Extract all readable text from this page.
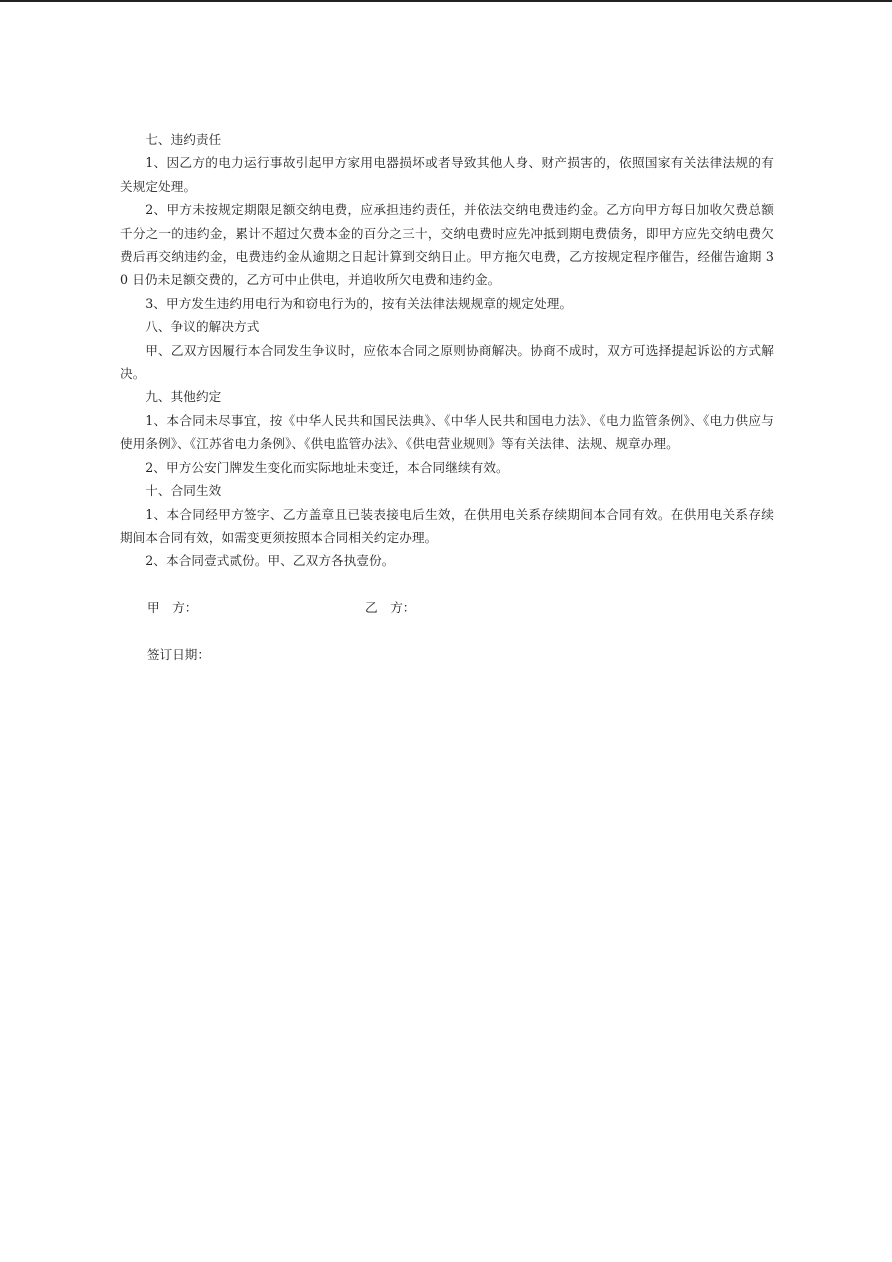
七、违约责任

1、因乙方的电力运行事故引起甲方家用电器损坏或者导致其他人身、财产损害的，依照国家有关法律法规的有关规定处理。

2、甲方未按规定期限足额交纳电费，应承担违约责任，并依法交纳电费违约金。乙方向甲方每日加收欠费总额千分之一的违约金，累计不超过欠费本金的百分之三十，交纳电费时应先冲抵到期电费债务，即甲方应先交纳电费欠费后再交纳违约金，电费违约金从逾期之日起计算到交纳日止。甲方拖欠电费，乙方按规定程序催告，经催告逾期 30 日仍未足额交费的，乙方可中止供电，并追收所欠电费和违约金。

3、甲方发生违约用电行为和窃电行为的，按有关法律法规规章的规定处理。

八、争议的解决方式

甲、乙双方因履行本合同发生争议时，应依本合同之原则协商解决。协商不成时，双方可选择提起诉讼的方式解决。

九、其他约定

1、本合同未尽事宜，按《中华人民共和国民法典》、《中华人民共和国电力法》、《电力监管条例》、《电力供应与使用条例》、《江苏省电力条例》、《供电监管办法》、《供电营业规则》等有关法律、法规、规章办理。

2、甲方公安门牌发生变化而实际地址未变迁，本合同继续有效。

十、合同生效

1、本合同经甲方签字、乙方盖章且已装表接电后生效，在供用电关系存续期间本合同有效。在供用电关系存续期间本合同有效，如需变更须按照本合同相关约定办理。

2、本合同壹式贰份。甲、乙双方各执壹份。

甲　方：	乙　方：
签订日期：
